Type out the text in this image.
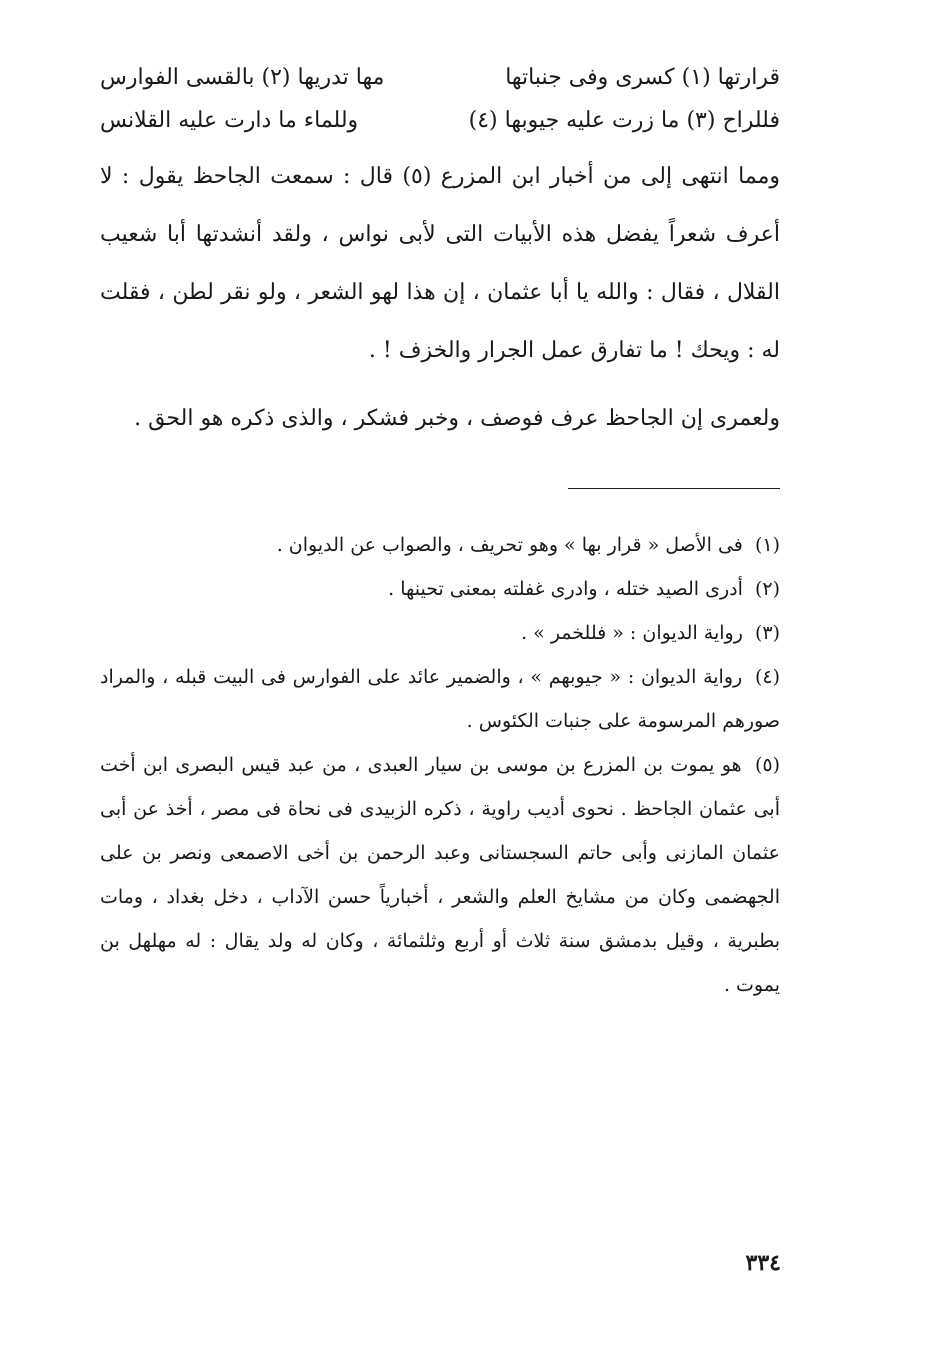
قرارتها (١) كسرى وفى جنباتها
مها تدريها (٢) بالقسى الفوارس
فللراح (٣) ما زرت عليه جيوبها (٤)
وللماء ما دارت عليه القلانس

ومما انتهى إلى من أخبار ابن المزرع (٥) قال : سمعت الجاحظ يقول : لا أعرف شعراً يفضل هذه الأبيات التى لأبى نواس ، ولقد أنشدتها أبا شعيب القلال ، فقال : والله يا أبا عثمان ، إن هذا لهو الشعر ، ولو نقر لطن ، فقلت له : ويحك ! ما تفارق عمل الجرار والخزف ! .

ولعمرى إن الجاحظ عرف فوصف ، وخبر فشكر ، والذى ذكره هو الحق .

(١) فى الأصل « قرار بها » وهو تحريف ، والصواب عن الديوان .

(٢) أدرى الصيد ختله ، وادرى غفلته بمعنى تحينها .

(٣) رواية الديوان : « فللخمر » .

(٤) رواية الديوان : « جيوبهم » ، والضمير عائد على الفوارس فى البيت قبله ، والمراد صورهم المرسومة على جنبات الكئوس .

(٥) هو يموت بن المزرع بن موسى بن سيار العبدى ، من عبد قيس البصرى ابن أخت أبى عثمان الجاحظ . نحوى أديب راوية ، ذكره الزبيدى فى نحاة فى مصر ، أخذ عن أبى عثمان المازنى وأبى حاتم السجستانى وعبد الرحمن بن أخى الاصمعى ونصر بن على الجهضمى وكان من مشايخ العلم والشعر ، أخبارياً حسن الآداب ، دخل بغداد ، ومات بطبرية ، وقيل بدمشق سنة ثلاث أو أربع وثلثمائة ، وكان له ولد يقال : له مهلهل بن يموت .

٣٣٤
